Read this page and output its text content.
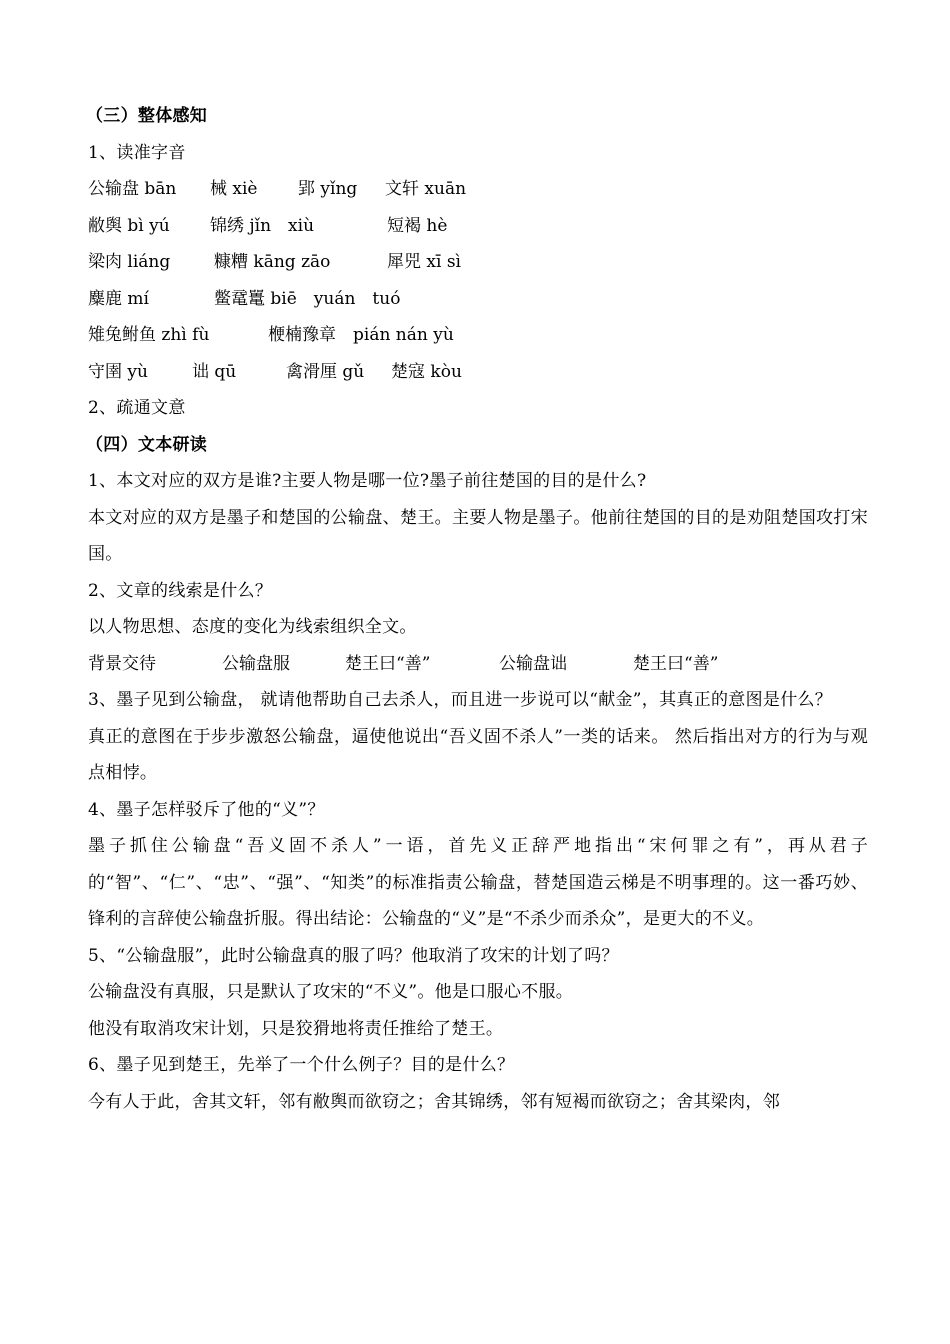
（三）整体感知
1、读准字音
公输盘 bān 械 xiè 郢 yǐng 文轩 xuān
敝舆 bì yú 锦绣 jǐn　xiù	短褐 hè
梁肉 liáng	糠糟 kāng zāo	犀兕 xī sì
麋鹿 mí	鳖鼋鼍 biē　yuán　tuó
雉兔鲋鱼 zhì fù	楩楠豫章　pián nán yù
守圉 yù	诎 qū	禽滑厘 gǔ 楚寇 kòu
2、疏通文意
（四）文本研读
1、本文对应的双方是谁?主要人物是哪一位?墨子前往楚国的目的是什么?
本文对应的双方是墨子和楚国的公输盘、楚王。主要人物是墨子。他前往楚国的目的是劝阻楚国攻打宋国。
2、文章的线索是什么？
以人物思想、态度的变化为线索组织全文。
背景交待	公输盘服	楚王曰“善”	公输盘诎	楚王曰“善”
3、墨子见到公输盘， 就请他帮助自己去杀人，而且进一步说可以“献金”，其真正的意图是什么？
真正的意图在于步步激怒公输盘，逼使他说出“吾义固不杀人”一类的话来。 然后指出对方的行为与观点相悖。
4、墨子怎样驳斥了他的“义”？
墨子抓住公输盘“吾义固不杀人”一语，首先义正辞严地指出“宋何罪之有”，再从君子的“智”、“仁”、“忠”、“强”、“知类”的标准指责公输盘，替楚国造云梯是不明事理的。这一番巧妙、锋利的言辞使公输盘折服。得出结论：公输盘的“义”是“不杀少而杀众”，是更大的不义。
5、“公输盘服”，此时公输盘真的服了吗？他取消了攻宋的计划了吗？
公输盘没有真服，只是默认了攻宋的“不义”。他是口服心不服。
他没有取消攻宋计划，只是狡猾地将责任推给了楚王。
6、墨子见到楚王，先举了一个什么例子？目的是什么？
今有人于此，舍其文轩，邻有敝舆而欲窃之；舍其锦绣，邻有短褐而欲窃之；舍其梁肉，邻
